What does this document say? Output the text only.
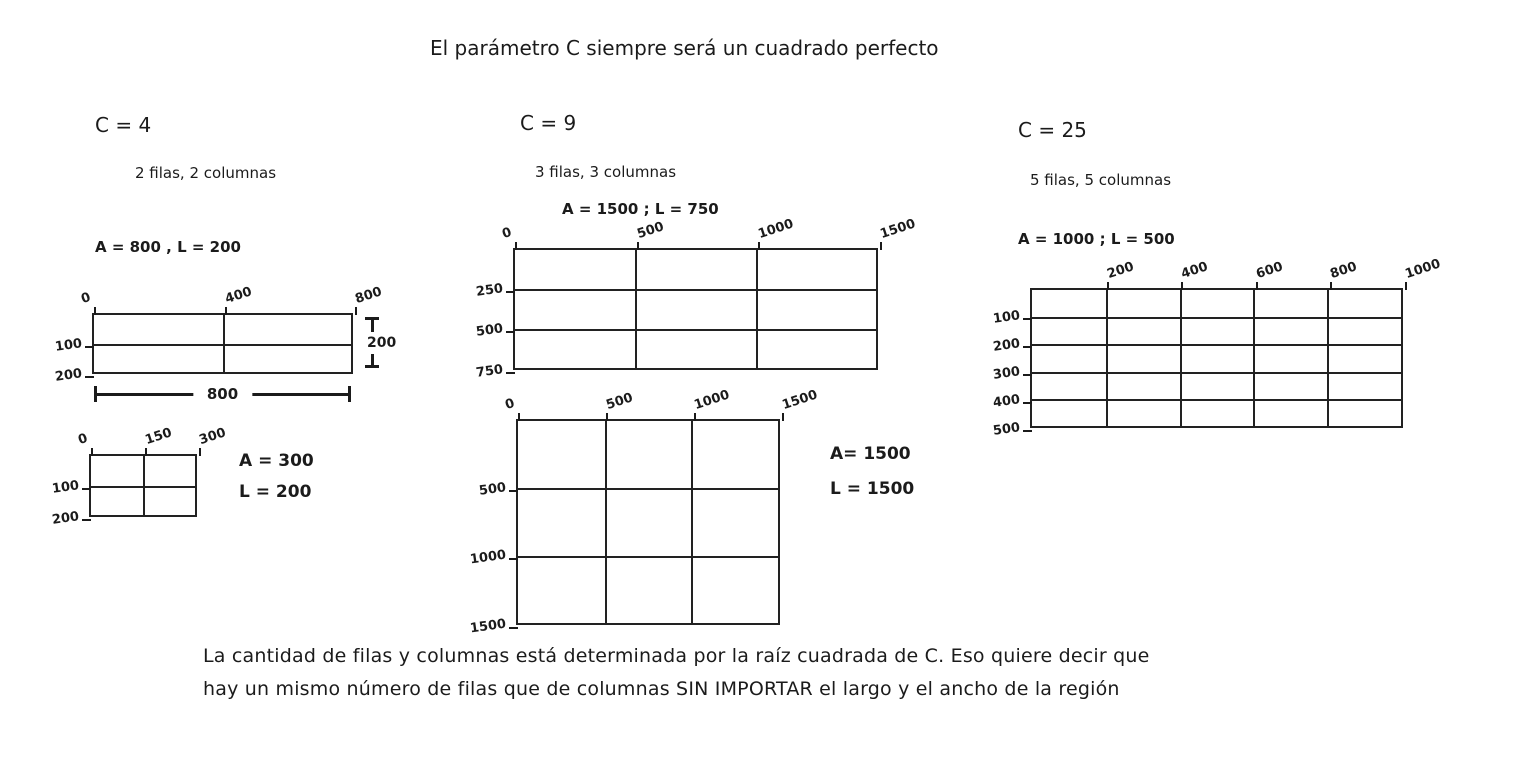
El parámetro C siempre será un cuadrado perfecto
C = 4
2 filas, 2 columnas
A = 800 , L = 200
C = 9
3 filas, 3 columnas
A = 1500 ; L = 750
C = 25
5 filas, 5 columnas
A = 1000 ; L = 500
0	400	800
100
200
800
200
0	150 300
100
200
A = 300
L = 200
0	500	1000	1500
250
500
750
0	500	1000	1500
500
1000
1500
A= 1500
L = 1500
200	400	600	800	1000
100
200
300
400
500
La cantidad de filas y columnas está determinada por la raíz cuadrada de C. Eso quiere decir que
hay un mismo número de filas que de columnas SIN IMPORTAR el largo y el ancho de la región
